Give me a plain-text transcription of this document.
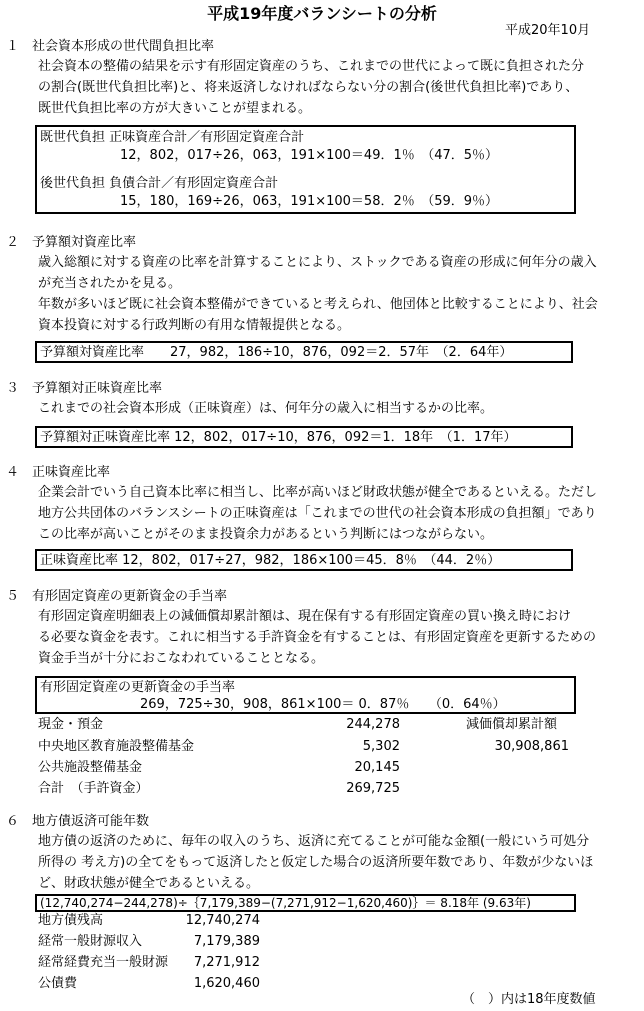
平成19年度バランシートの分析
平成20年10月
１　社会資本形成の世代間負担比率
社会資本の整備の結果を示す有形固定資産のうち、これまでの世代によって既に負担された分
の割合(既世代負担比率)と、将来返済しなければならない分の割合(後世代負担比率)であり、
既世代負担比率の方が大きいことが望まれる。
既世代負担 正味資産合計／有形固定資産合計
12，802，017÷26，063，191×100＝49．1％　（47．5％）
後世代負担 負債合計／有形固定資産合計
15，180，169÷26，063，191×100＝58．2％　（59．9％）
２　予算額対資産比率
歳入総額に対する資産の比率を計算することにより、ストックである資産の形成に何年分の歳入
が充当されたかを見る。
年数が多いほど既に社会資本整備ができていると考えられ、他団体と比較することにより、社会
資本投資に対する行政判断の有用な情報提供となる。
予算額対資産比率　　27，982，186÷10，876，092＝2．57年　（2．64年）
３　予算額対正味資産比率
これまでの社会資本形成（正味資産）は、何年分の歳入に相当するかの比率。
予算額対正味資産比率 12，802，017÷10，876，092＝1．18年　（1．17年）
４　正味資産比率
企業会計でいう自己資本比率に相当し、比率が高いほど財政状態が健全であるといえる。ただし
地方公共団体のバランスシートの正味資産は「これまでの世代の社会資本形成の負担額」であり
この比率が高いことがそのまま投資余力があるという判断にはつながらない。
正味資産比率 12，802，017÷27，982，186×100＝45．8％　（44．2％）
５　有形固定資産の更新資金の手当率
有形固定資産明細表上の減価償却累計額は、現在保有する有形固定資産の買い換え時におけ
る必要な資金を表す。これに相当する手許資金を有することは、有形固定資産を更新するための
資金手当が十分におこなわれていることとなる。
有形固定資産の更新資金の手当率
269，725÷30，908，861×100＝ 0．87％　　（0．64％）
現金・預金	244,278	減価償却累計額
中央地区教育施設整備基金	5,302	30,908,861
公共施設整備基金	20,145
合計　（手許資金）	269,725
６　地方債返済可能年数
地方債の返済のために、毎年の収入のうち、返済に充てることが可能な金額(一般にいう可処分
所得の 考え方)の全てをもって返済したと仮定した場合の返済所要年数であり、年数が少ないほ
ど、財政状態が健全であるといえる。
(12,740,274−244,278)÷｛7,179,389−(7,271,912−1,620,460)｝＝ 8.18年 (9.63年)
地方債残高	12,740,274
経常一般財源収入	7,179,389
経常経費充当一般財源	7,271,912
公債費	1,620,460
（　）内は18年度数値
